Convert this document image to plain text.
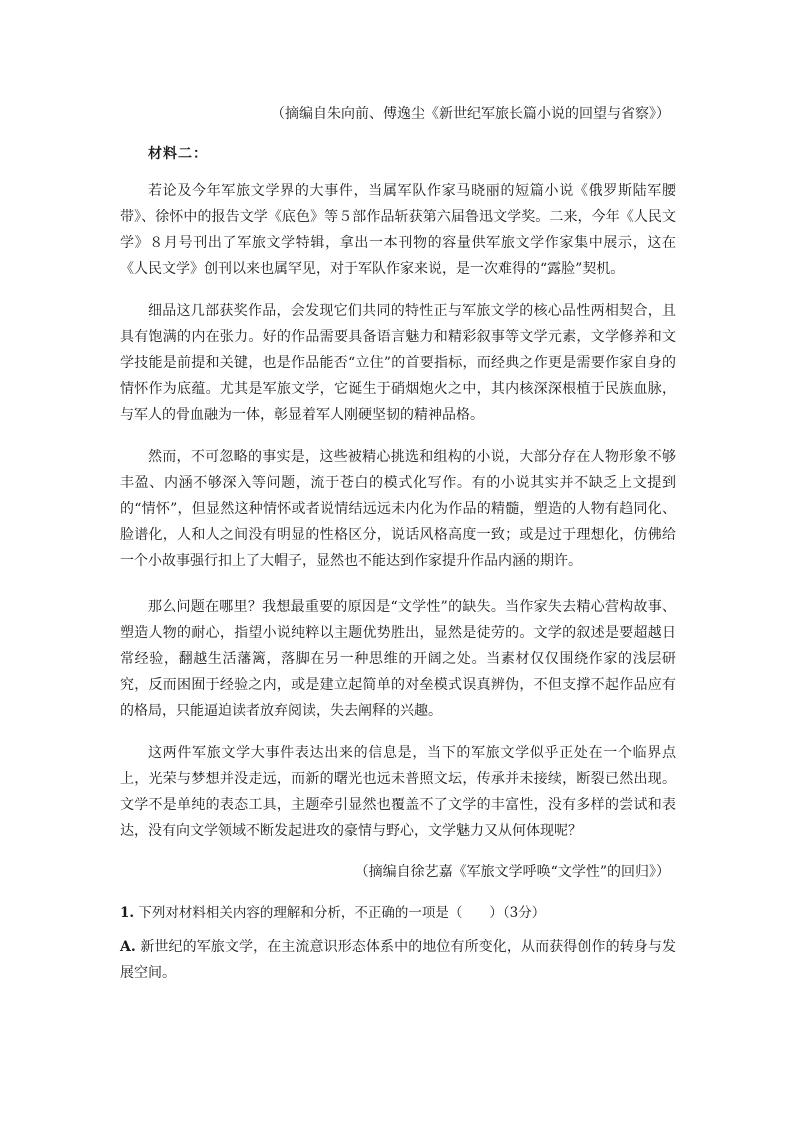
（摘编自朱向前、傅逸尘《新世纪军旅长篇小说的回望与省察》）
材料二：

若论及今年军旅文学界的大事件，当属军队作家马晓丽的短篇小说《俄罗斯陆军腰带》、徐怀中的报告文学《底色》等５部作品斩获第六届鲁迅文学奖。二来，今年《人民文学》８月号刊出了军旅文学特辑，拿出一本刊物的容量供军旅文学作家集中展示，这在《人民文学》创刊以来也属罕见，对于军队作家来说，是一次难得的“露脸”契机。

细品这几部获奖作品，会发现它们共同的特性正与军旅文学的核心品性两相契合，且具有饱满的内在张力。好的作品需要具备语言魅力和精彩叙事等文学元素，文学修养和文学技能是前提和关键，也是作品能否“立住”的首要指标，而经典之作更是需要作家自身的情怀作为底蕴。尤其是军旅文学，它诞生于硝烟炮火之中，其内核深深根植于民族血脉，与军人的骨血融为一体，彰显着军人刚硬坚韧的精神品格。

然而，不可忽略的事实是，这些被精心挑选和组构的小说，大部分存在人物形象不够丰盈、内涵不够深入等问题，流于苍白的模式化写作。有的小说其实并不缺乏上文提到的“情怀”，但显然这种情怀或者说情结远远未内化为作品的精髓，塑造的人物有趋同化、脸谱化，人和人之间没有明显的性格区分，说话风格高度一致；或是过于理想化，仿佛给一个小故事强行扣上了大帽子，显然也不能达到作家提升作品内涵的期许。

那么问题在哪里？我想最重要的原因是“文学性”的缺失。当作家失去精心营构故事、塑造人物的耐心，指望小说纯粹以主题优势胜出，显然是徒劳的。文学的叙述是要超越日常经验，翻越生活藩篱，落脚在另一种思维的开阔之处。当素材仅仅围绕作家的浅层研究，反而困囿于经验之内，或是建立起简单的对垒模式误真辨伪，不但支撑不起作品应有的格局，只能逼迫读者放弃阅读，失去阐释的兴趣。

这两件军旅文学大事件表达出来的信息是，当下的军旅文学似乎正处在一个临界点上，光荣与梦想并没走远，而新的曙光也远未普照文坛，传承并未接续，断裂已然出现。文学不是单纯的表态工具，主题牵引显然也覆盖不了文学的丰富性，没有多样的尝试和表达，没有向文学领域不断发起进攻的豪情与野心，文学魅力又从何体现呢？

（摘编自徐艺嘉《军旅文学呼唤“文学性”的回归》）
1. 下列对材料相关内容的理解和分析，不正确的一项是（　　）（3分）

A. 新世纪的军旅文学，在主流意识形态体系中的地位有所变化，从而获得创作的转身与发展空间。
